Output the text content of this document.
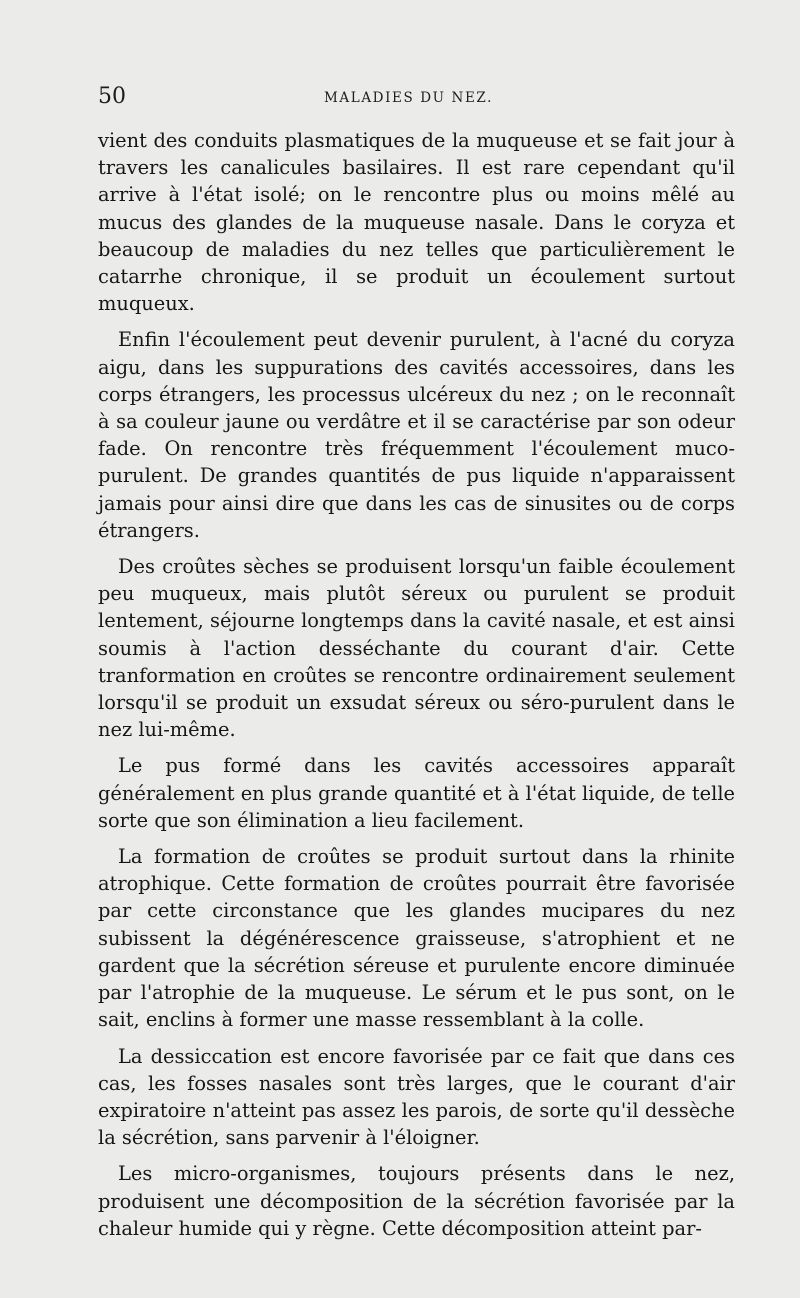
50	MALADIES DU NEZ.

vient des conduits plasmatiques de la muqueuse et se fait jour à travers les canalicules basilaires. Il est rare cependant qu'il arrive à l'état isolé; on le rencontre plus ou moins mêlé au mucus des glandes de la muqueuse nasale. Dans le coryza et beaucoup de maladies du nez telles que particulièrement le catarrhe chronique, il se produit un écoulement surtout muqueux.

Enfin l'écoulement peut devenir purulent, à l'acné du coryza aigu, dans les suppurations des cavités accessoires, dans les corps étrangers, les processus ulcéreux du nez ; on le reconnaît à sa couleur jaune ou verdâtre et il se caractérise par son odeur fade. On rencontre très fréquemment l'écoulement muco-purulent. De grandes quantités de pus liquide n'apparaissent jamais pour ainsi dire que dans les cas de sinusites ou de corps étrangers.

Des croûtes sèches se produisent lorsqu'un faible écoulement peu muqueux, mais plutôt séreux ou purulent se produit lentement, séjourne longtemps dans la cavité nasale, et est ainsi soumis à l'action desséchante du courant d'air. Cette tranformation en croûtes se rencontre ordinairement seulement lorsqu'il se produit un exsudat séreux ou séro-purulent dans le nez lui-même.

Le pus formé dans les cavités accessoires apparaît généralement en plus grande quantité et à l'état liquide, de telle sorte que son élimination a lieu facilement.

La formation de croûtes se produit surtout dans la rhinite atrophique. Cette formation de croûtes pourrait être favorisée par cette circonstance que les glandes mucipares du nez subissent la dégénérescence graisseuse, s'atrophient et ne gardent que la sécrétion séreuse et purulente encore diminuée par l'atrophie de la muqueuse. Le sérum et le pus sont, on le sait, enclins à former une masse ressemblant à la colle.

La dessiccation est encore favorisée par ce fait que dans ces cas, les fosses nasales sont très larges, que le courant d'air expiratoire n'atteint pas assez les parois, de sorte qu'il dessèche la sécrétion, sans parvenir à l'éloigner.

Les micro-organismes, toujours présents dans le nez, produisent une décomposition de la sécrétion favorisée par la chaleur humide qui y règne. Cette décomposition atteint par-
